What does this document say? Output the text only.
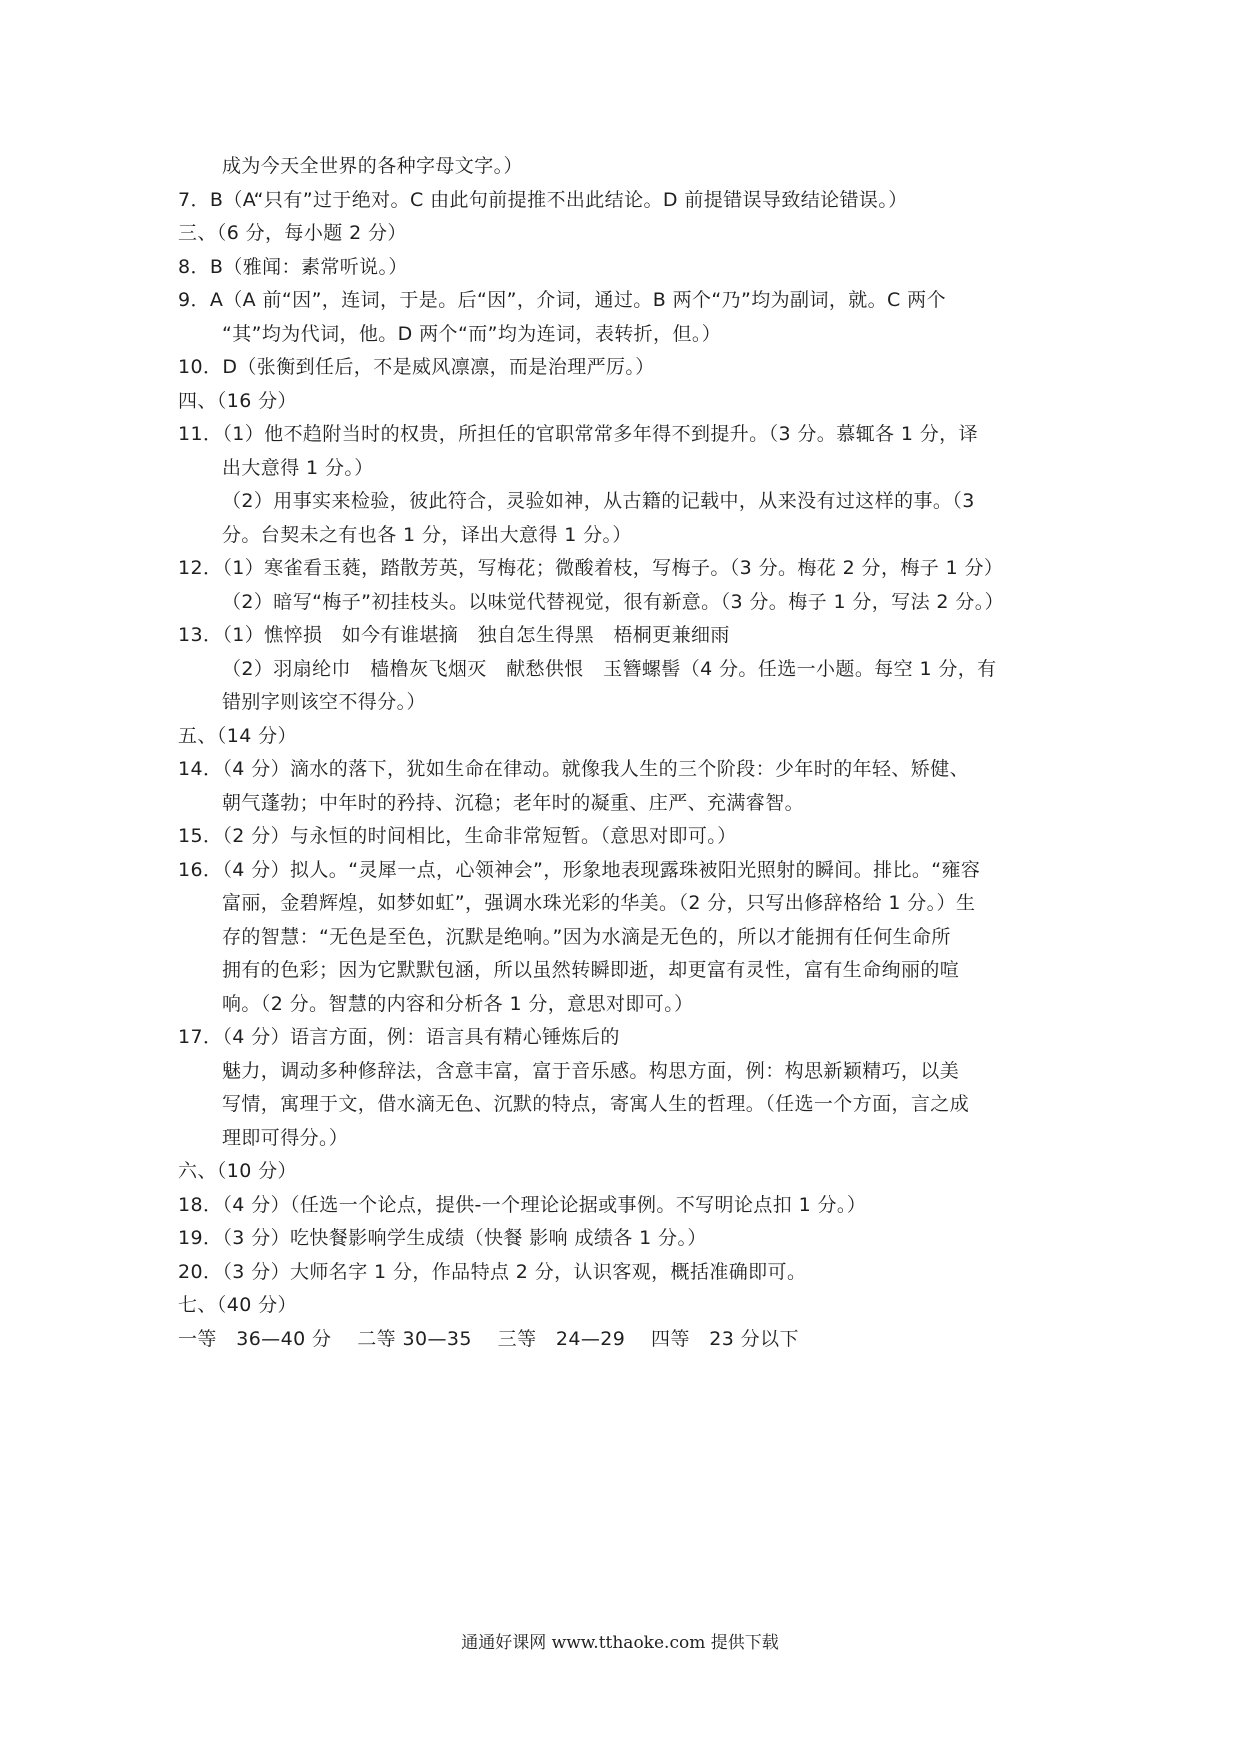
成为今天全世界的各种字母文字。）
7．B（A“只有”过于绝对。C 由此句前提推不出此结论。D 前提错误导致结论错误。）
三、（6 分，每小题 2 分）
8．B（雅闻：素常听说。）
9．A（A 前“因”，连词，于是。后“因”，介词，通过。B 两个“乃”均为副词，就。C 两个
“其”均为代词，他。D 两个“而”均为连词，表转折，但。）
10．D（张衡到任后，不是威风凛凛，而是治理严厉。）
四、（16 分）
11．（1）他不趋附当时的权贵，所担任的官职常常多年得不到提升。（3 分。慕辄各 1 分，译
出大意得 1 分。）
（2）用事实来检验，彼此符合，灵验如神，从古籍的记载中，从来没有过这样的事。（3
分。台契未之有也各 1 分，译出大意得 1 分。）
12．（1）寒雀看玉蕤，踏散芳英，写梅花；微酸着枝，写梅子。（3 分。梅花 2 分，梅子 1 分）
（2）暗写“梅子”初挂枝头。以味觉代替视觉，很有新意。（3 分。梅子 1 分，写法 2 分。）
13．（1）憔悴损　如今有谁堪摘　独自怎生得黑　梧桐更兼细雨
（2）羽扇纶巾　樯橹灰飞烟灭　献愁供恨　玉簪螺髻（4 分。任选一小题。每空 1 分，有
错别字则该空不得分。）
五、（14 分）
14．（4 分）滴水的落下，犹如生命在律动。就像我人生的三个阶段：少年时的年轻、矫健、
朝气蓬勃；中年时的矜持、沉稳；老年时的凝重、庄严、充满睿智。
15．（2 分）与永恒的时间相比，生命非常短暂。（意思对即可。）
16．（4 分）拟人。“灵犀一点，心领神会”，形象地表现露珠被阳光照射的瞬间。排比。“雍容
富丽，金碧辉煌，如梦如虹”，强调水珠光彩的华美。（2 分，只写出修辞格给 1 分。）生
存的智慧：“无色是至色，沉默是绝响。”因为水滴是无色的，所以才能拥有任何生命所
拥有的色彩；因为它默默包涵，所以虽然转瞬即逝，却更富有灵性，富有生命绚丽的喧
响。（2 分。智慧的内容和分析各 1 分，意思对即可。）
17．（4 分）语言方面，例：语言具有精心锤炼后的
魅力，调动多种修辞法，含意丰富，富于音乐感。构思方面，例：构思新颖精巧，以美
写情，寓理于文，借水滴无色、沉默的特点，寄寓人生的哲理。（任选一个方面，言之成
理即可得分。）
六、（10 分）
18．（4 分）（任选一个论点，提供-一个理论论据或事例。不写明论点扣 1 分。）
19．（3 分）吃快餐影响学生成绩（快餐 影响 成绩各 1 分。）
20．（3 分）大师名字 1 分，作品特点 2 分，认识客观，概括准确即可。
七、（40 分）
一等　36—40 分　 二等 30—35 　三等　24—29 　四等　23 分以下
通通好课网 www.tthaoke.com 提供下载
